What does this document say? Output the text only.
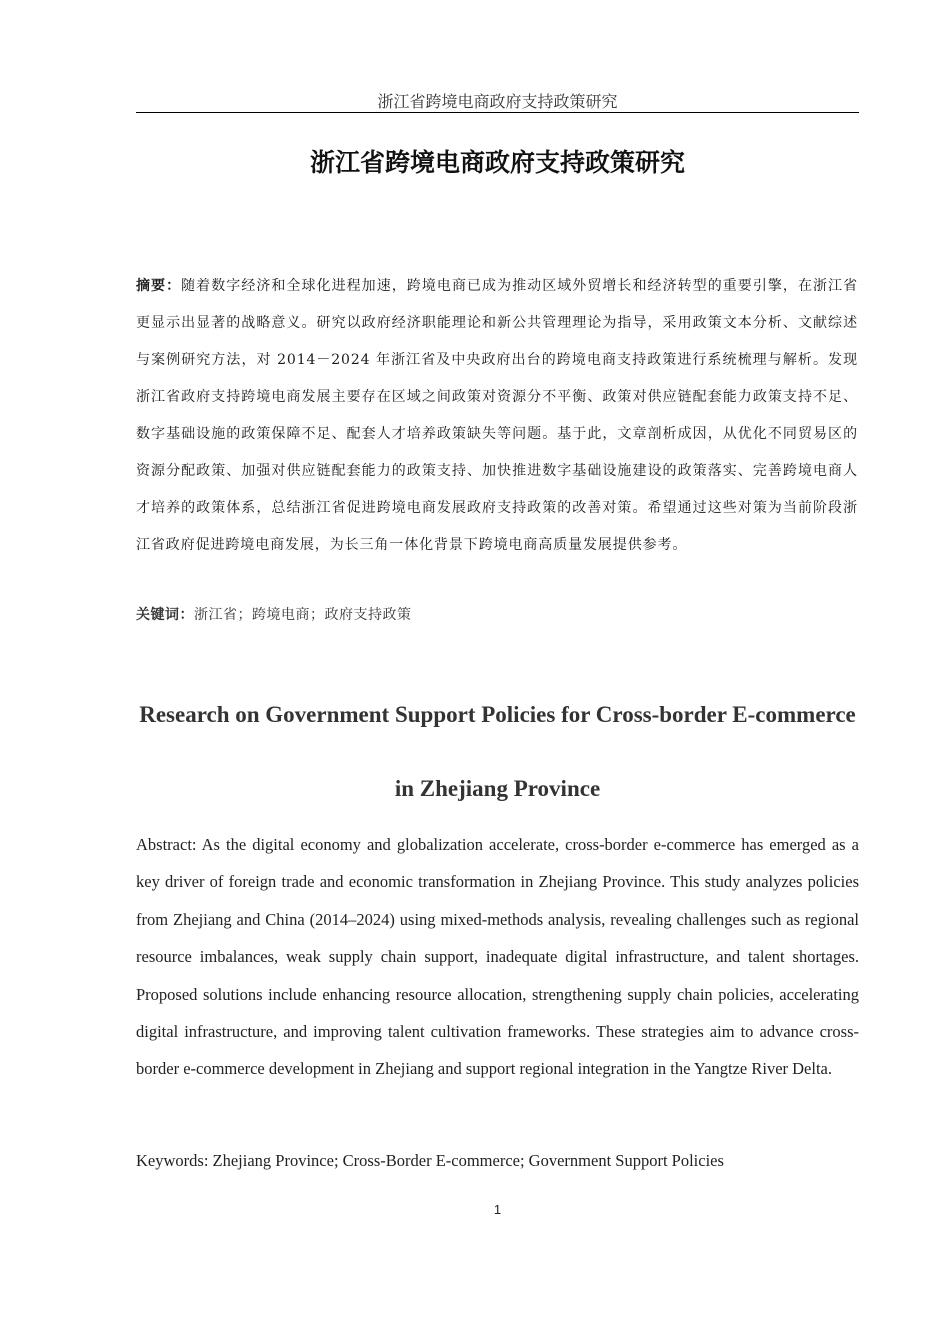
浙江省跨境电商政府支持政策研究
浙江省跨境电商政府支持政策研究

摘要：随着数字经济和全球化进程加速，跨境电商已成为推动区域外贸增长和经济转型的重要引擎，在浙江省更显示出显著的战略意义。研究以政府经济职能理论和新公共管理理论为指导，采用政策文本分析、文献综述与案例研究方法，对 2014－2024 年浙江省及中央政府出台的跨境电商支持政策进行系统梳理与解析。发现浙江省政府支持跨境电商发展主要存在区域之间政策对资源分不平衡、政策对供应链配套能力政策支持不足、数字基础设施的政策保障不足、配套人才培养政策缺失等问题。基于此，文章剖析成因，从优化不同贸易区的资源分配政策、加强对供应链配套能力的政策支持、加快推进数字基础设施建设的政策落实、完善跨境电商人才培养的政策体系，总结浙江省促进跨境电商发展政府支持政策的改善对策。希望通过这些对策为当前阶段浙江省政府促进跨境电商发展，为长三角一体化背景下跨境电商高质量发展提供参考。

关键词：浙江省；跨境电商；政府支持政策

Research on Government Support Policies for Cross-border E-commerce in Zhejiang Province

Abstract: As the digital economy and globalization accelerate, cross-border e-commerce has emerged as a key driver of foreign trade and economic transformation in Zhejiang Province. This study analyzes policies from Zhejiang and China (2014–2024) using mixed-methods analysis, revealing challenges such as regional resource imbalances, weak supply chain support, inadequate digital infrastructure, and talent shortages. Proposed solutions include enhancing resource allocation, strengthening supply chain policies, accelerating digital infrastructure, and improving talent cultivation frameworks. These strategies aim to advance cross-border e-commerce development in Zhejiang and support regional integration in the Yangtze River Delta.

Keywords: Zhejiang Province; Cross-Border E-commerce; Government Support Policies

1
